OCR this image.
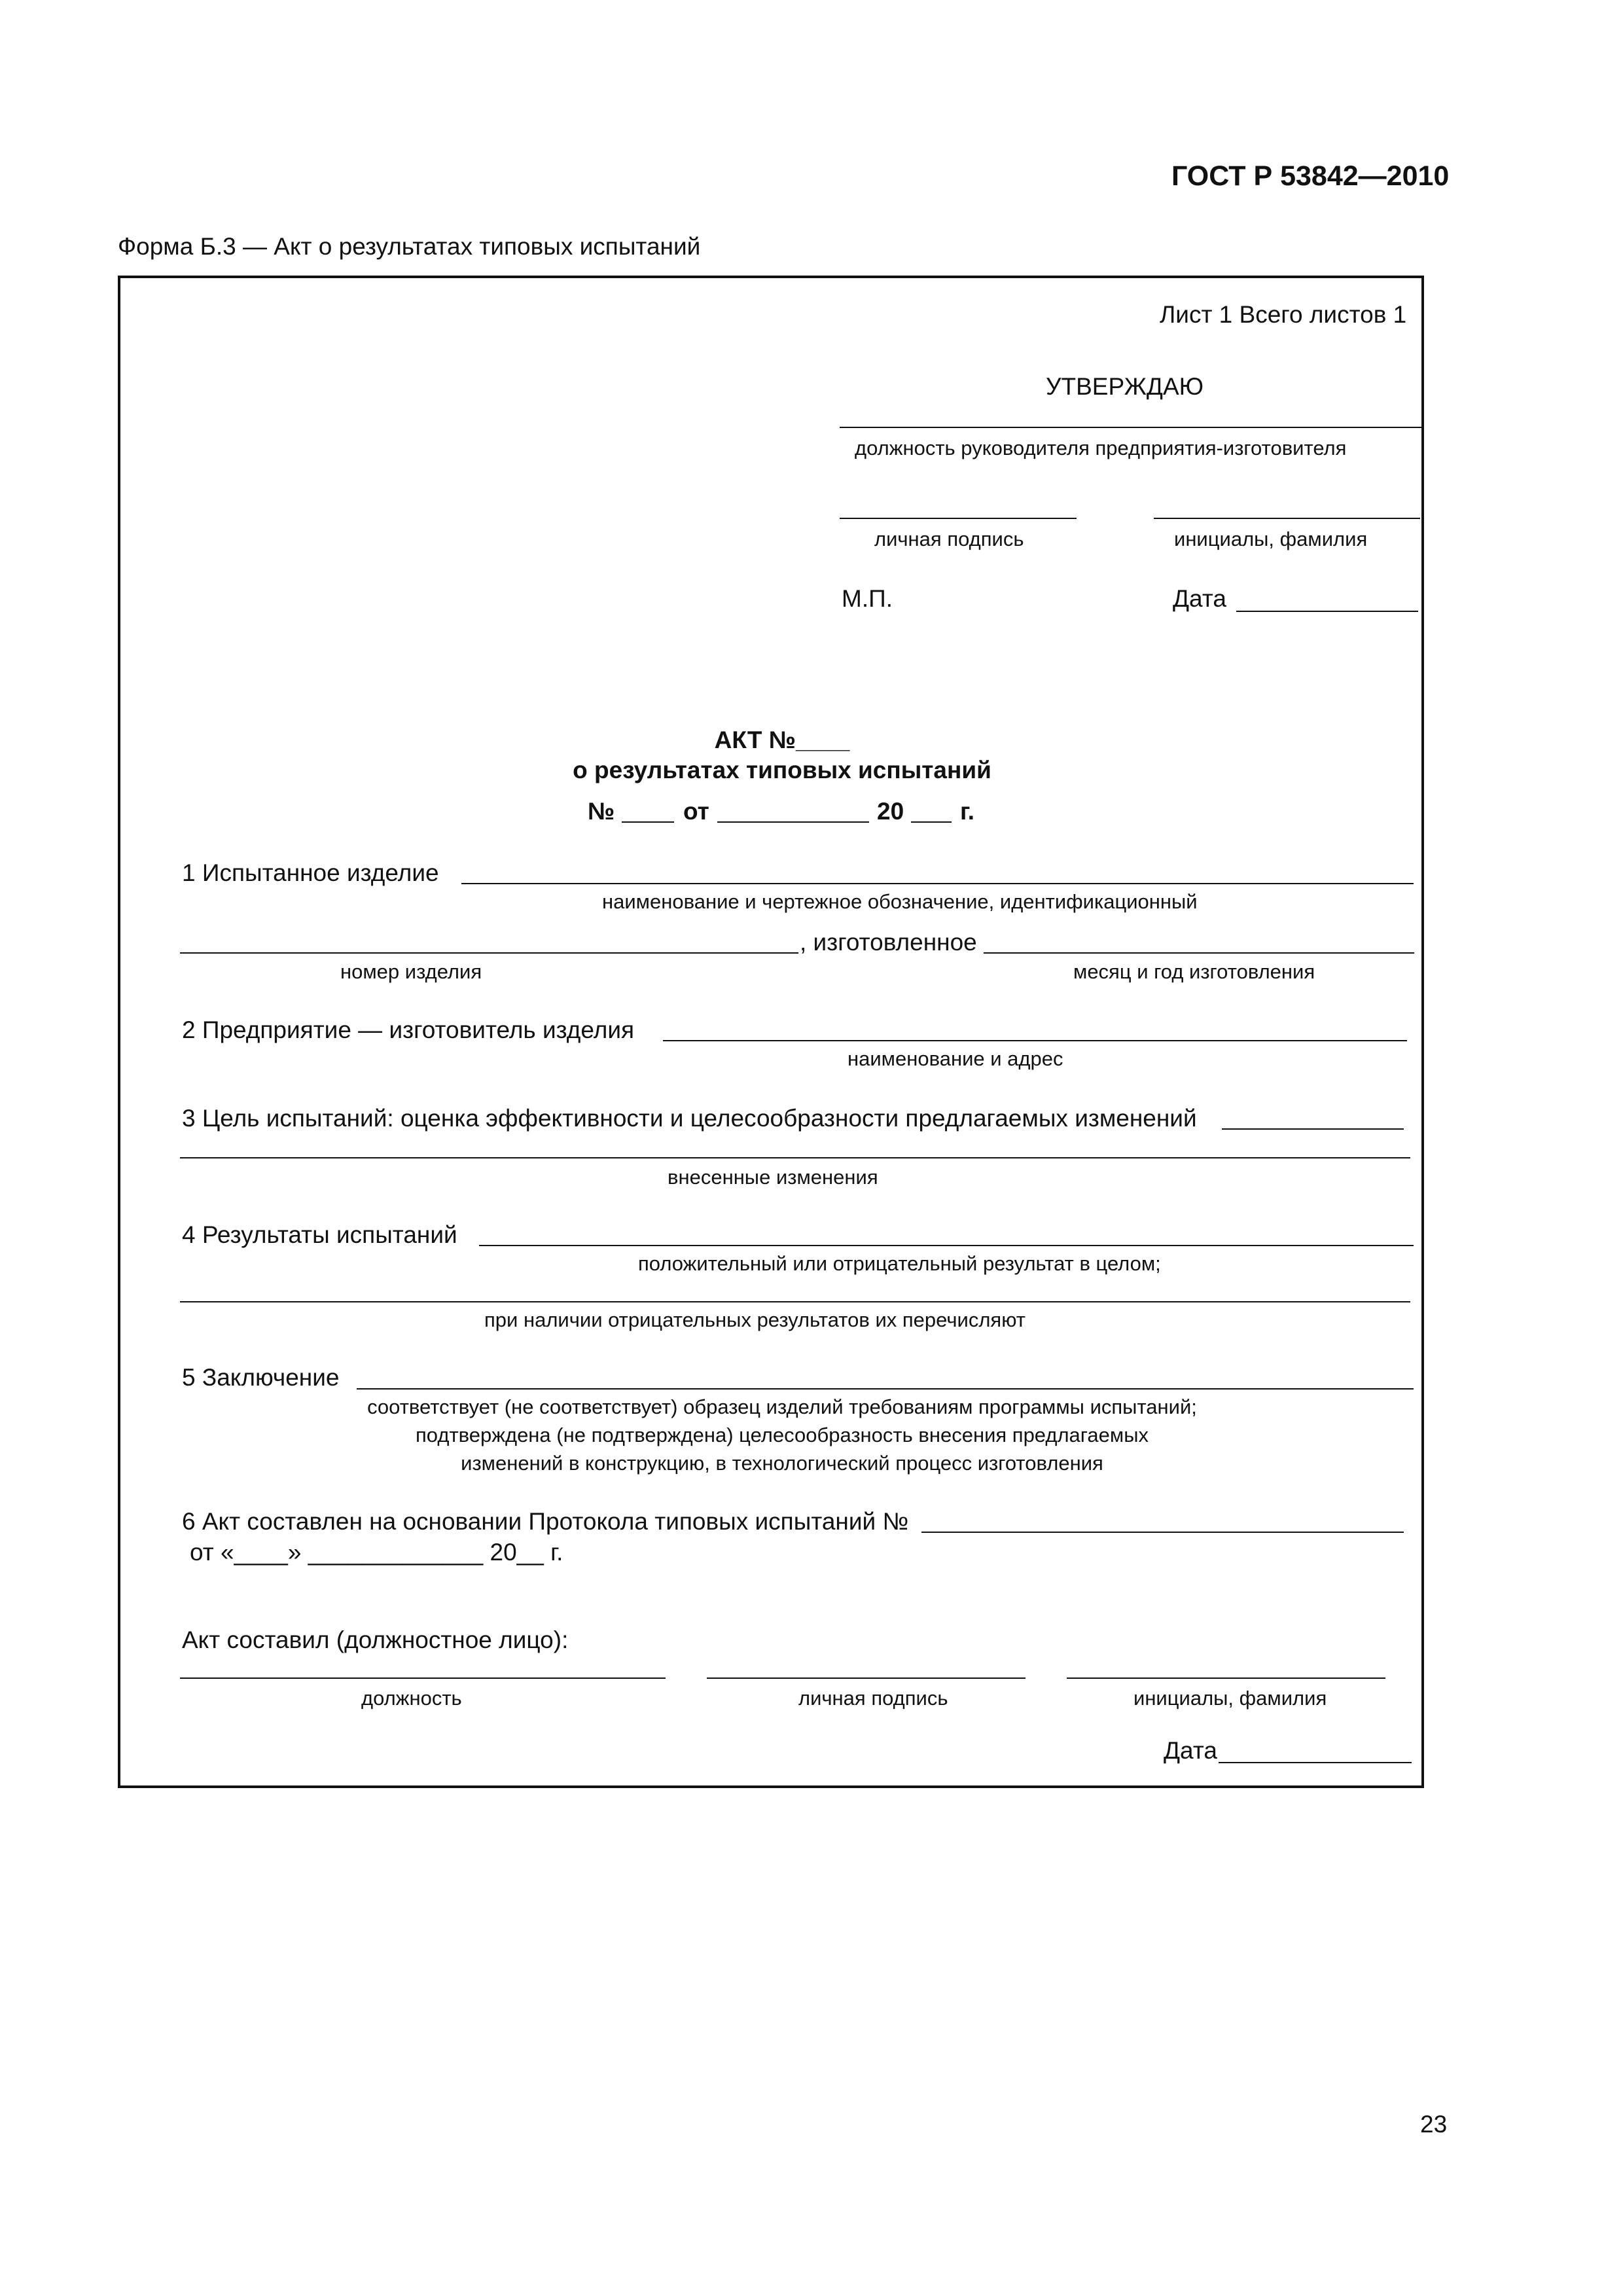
ГОСТ Р 53842—2010
Форма Б.3 — Акт о результатах типовых испытаний
Лист 1 Всего листов 1
УТВЕРЖДАЮ
должность руководителя предприятия-изготовителя
личная подпись	инициалы, фамилия
М.П.	Дата
АКТ №____
о результатах типовых испытаний
№	от	20 г.
1 Испытанное изделие
наименование и чертежное обозначение, идентификационный
, изготовленное
номер изделия	месяц и год изготовления
2 Предприятие — изготовитель изделия
наименование и адрес
3 Цель испытаний: оценка эффективности и целесообразности предлагаемых изменений
внесенные изменения
4 Результаты испытаний
положительный или отрицательный результат в целом;
при наличии отрицательных результатов их перечисляют
5 Заключение
соответствует (не соответствует) образец изделий требованиям программы испытаний;
подтверждена (не подтверждена) целесообразность внесения предлагаемых
изменений в конструкцию, в технологический процесс изготовления
6 Акт составлен на основании Протокола типовых испытаний №
от «____» _____________ 20__ г.
Акт составил (должностное лицо):
должность	личная подпись	инициалы, фамилия
Дата
23
